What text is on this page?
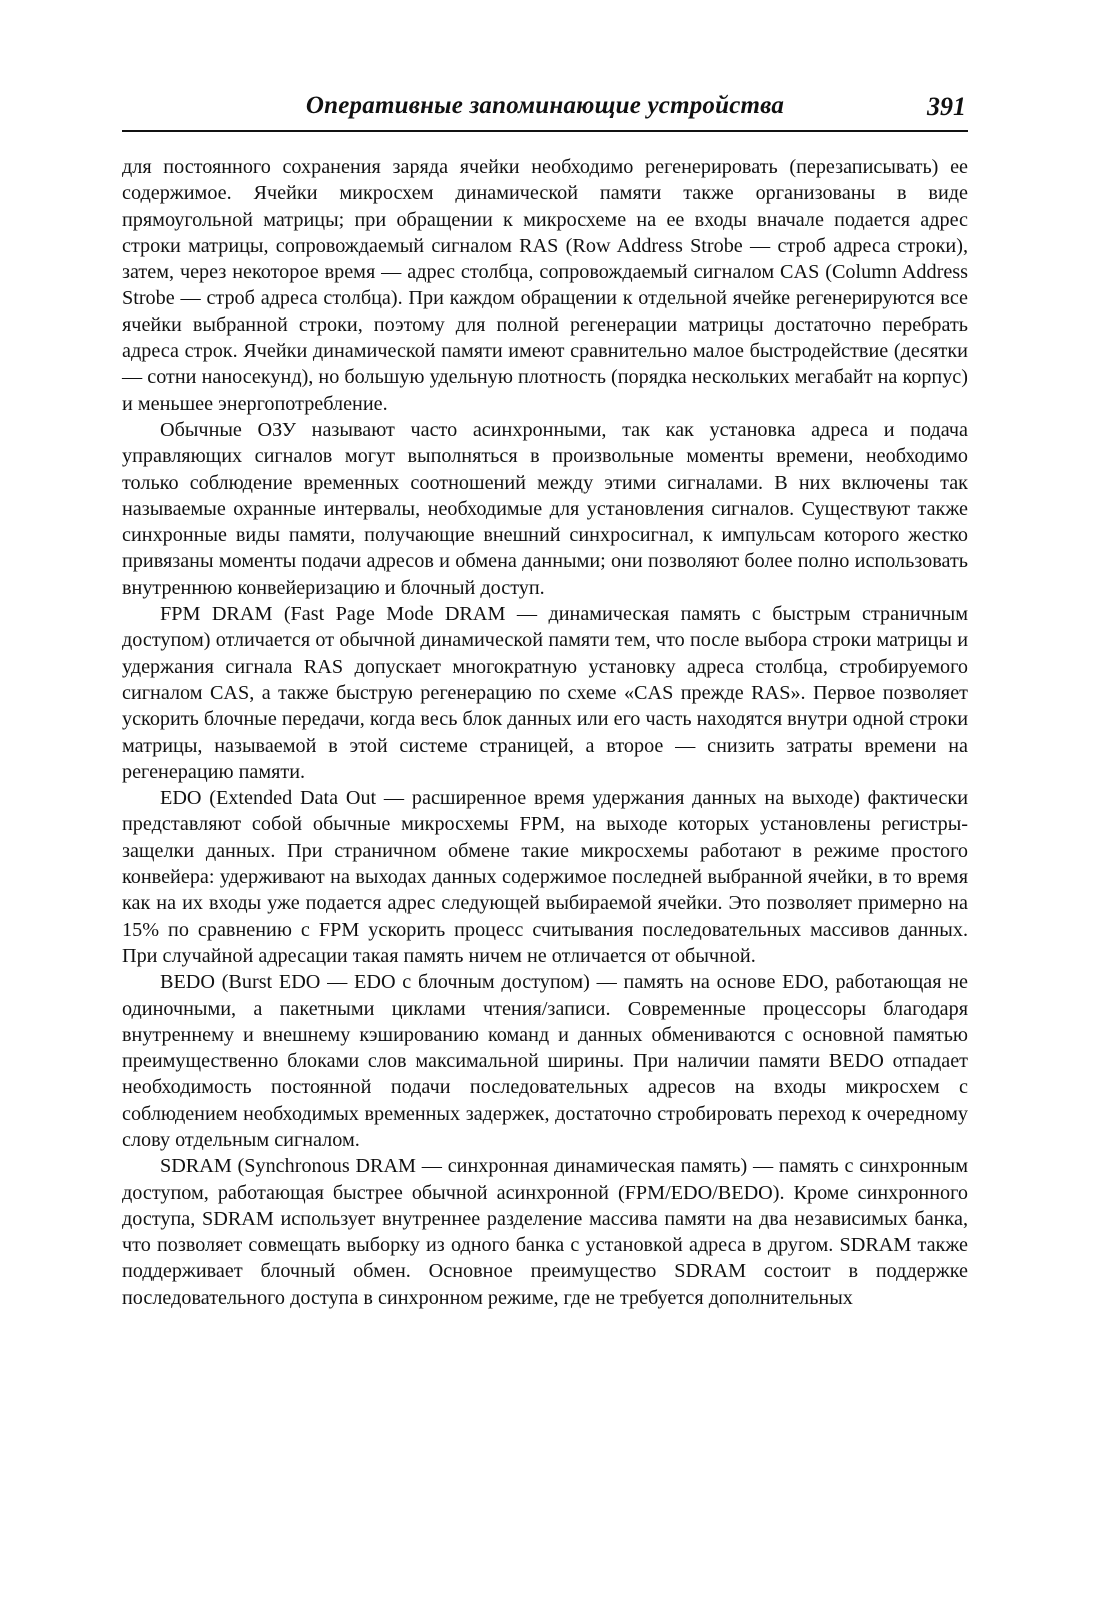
Оперативные запоминающие устройства	391

для постоянного сохранения заряда ячейки необходимо регенерировать (перезаписывать) ее содержимое. Ячейки микросхем динамической памяти также организованы в виде прямоугольной матрицы; при обращении к микросхеме на ее входы вначале подается адрес строки матрицы, сопровождаемый сигналом RAS (Row Address Strobe — строб адреса строки), затем, через некоторое время — адрес столбца, сопровождаемый сигналом CAS (Column Address Strobe — строб адреса столбца). При каждом обращении к отдельной ячейке регенерируются все ячейки выбранной строки, поэтому для полной регенерации матрицы достаточно перебрать адреса строк. Ячейки динамической памяти имеют сравнительно малое быстродействие (десятки — сотни наносекунд), но большую удельную плотность (порядка нескольких мегабайт на корпус) и меньшее энергопотребление.

Обычные ОЗУ называют часто асинхронными, так как установка адреса и подача управляющих сигналов могут выполняться в произвольные моменты времени, необходимо только соблюдение временных соотношений между этими сигналами. В них включены так называемые охранные интервалы, необходимые для установления сигналов. Существуют также синхронные виды памяти, получающие внешний синхросигнал, к импульсам которого жестко привязаны моменты подачи адресов и обмена данными; они позволяют более полно использовать внутреннюю конвейеризацию и блочный доступ.

FPM DRAM (Fast Page Mode DRAM — динамическая память с быстрым страничным доступом) отличается от обычной динамической памяти тем, что после выбора строки матрицы и удержания сигнала RAS допускает многократную установку адреса столбца, стробируемого сигналом CAS, а также быструю регенерацию по схеме «CAS прежде RAS». Первое позволяет ускорить блочные передачи, когда весь блок данных или его часть находятся внутри одной строки матрицы, называемой в этой системе страницей, а второе — снизить затраты времени на регенерацию памяти.

EDO (Extended Data Out — расширенное время удержания данных на выходе) фактически представляют собой обычные микросхемы FPM, на выходе которых установлены регистры-защелки данных. При страничном обмене такие микросхемы работают в режиме простого конвейера: удерживают на выходах данных содержимое последней выбранной ячейки, в то время как на их входы уже подается адрес следующей выбираемой ячейки. Это позволяет примерно на 15% по сравнению с FPM ускорить процесс считывания последовательных массивов данных. При случайной адресации такая память ничем не отличается от обычной.

BEDO (Burst EDO — EDO с блочным доступом) — память на основе EDO, работающая не одиночными, а пакетными циклами чтения/записи. Современные процессоры благодаря внутреннему и внешнему кэшированию команд и данных обмениваются с основной памятью преимущественно блоками слов максимальной ширины. При наличии памяти BEDO отпадает необходимость постоянной подачи последовательных адресов на входы микросхем с соблюдением необходимых временных задержек, достаточно стробировать переход к очередному слову отдельным сигналом.

SDRAM (Synchronous DRAM — синхронная динамическая память) — память с синхронным доступом, работающая быстрее обычной асинхронной (FPM/EDO/BEDO). Кроме синхронного доступа, SDRAM использует внутреннее разделение массива памяти на два независимых банка, что позволяет совмещать выборку из одного банка с установкой адреса в другом. SDRAM также поддерживает блочный обмен. Основное преимущество SDRAM состоит в поддержке последовательного доступа в синхронном режиме, где не требуется дополнительных
